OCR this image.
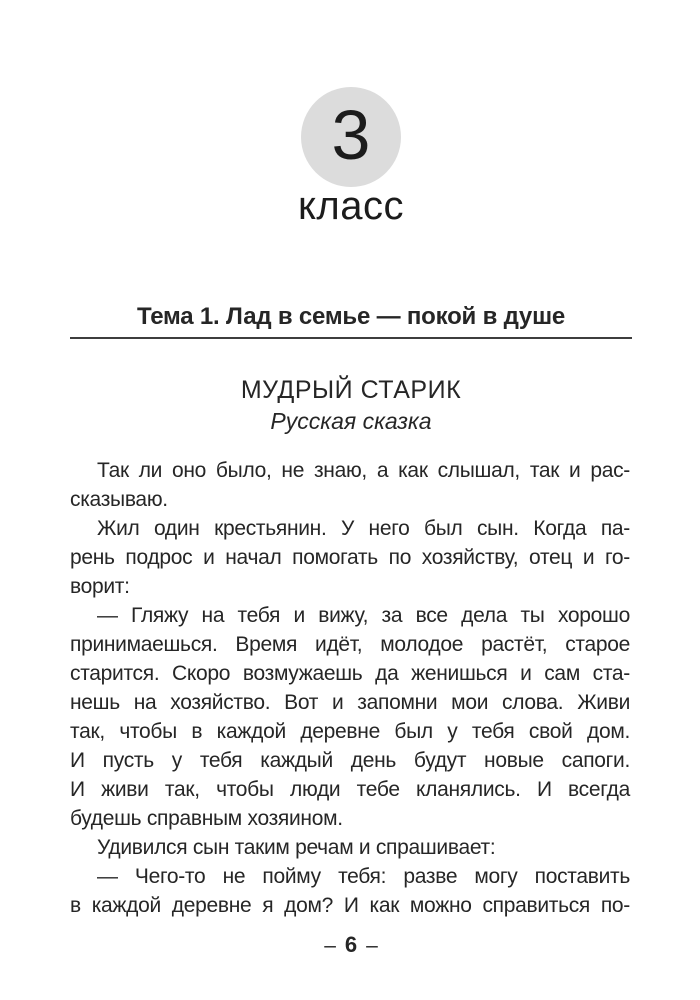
3
класс
Тема 1. Лад в семье — покой в душе
МУДРЫЙ СТАРИК
Русская сказка
Так ли оно было, не знаю, а как слышал, так и рас-
сказываю.
Жил один крестьянин. У него был сын. Когда па-
рень подрос и начал помогать по хозяйству, отец и го-
ворит:
— Гляжу на тебя и вижу, за все дела ты хорошо
принимаешься. Время идёт, молодое растёт, старое
старится. Скоро возмужаешь да женишься и сам ста-
нешь на хозяйство. Вот и запомни мои слова. Живи
так, чтобы в каждой деревне был у тебя свой дом.
И пусть у тебя каждый день будут новые сапоги.
И живи так, чтобы люди тебе кланялись. И всегда
будешь справным хозяином.
Удивился сын таким речам и спрашивает:
— Чего-то не пойму тебя: разве могу поставить
в каждой деревне я дом? И как можно справиться по-
– 6 –
